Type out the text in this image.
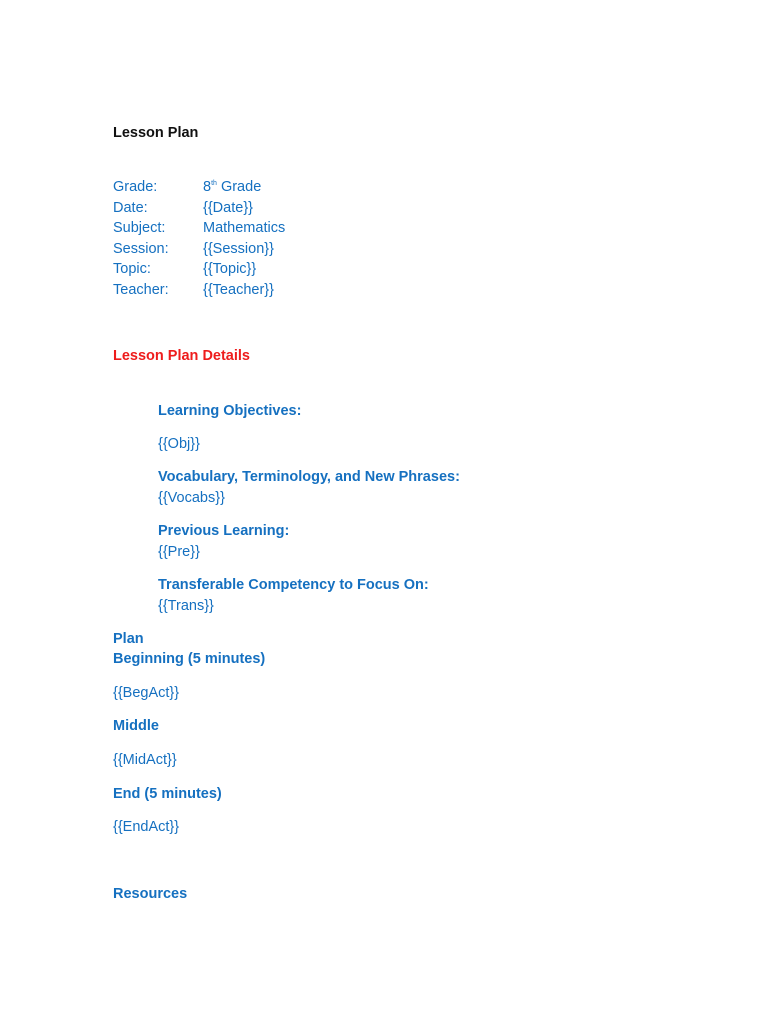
Lesson Plan
Grade:	8th Grade
Date:	{{Date}}
Subject:	Mathematics
Session: {{Session}}
Topic:	{{Topic}}
Teacher: {{Teacher}}
Lesson Plan Details
Learning Objectives:
{{Obj}}
Vocabulary, Terminology, and New Phrases:
{{Vocabs}}
Previous Learning:
{{Pre}}
Transferable Competency to Focus On:
{{Trans}}
Plan
Beginning (5 minutes)
{{BegAct}}
Middle
{{MidAct}}
End (5 minutes)
{{EndAct}}
Resources
